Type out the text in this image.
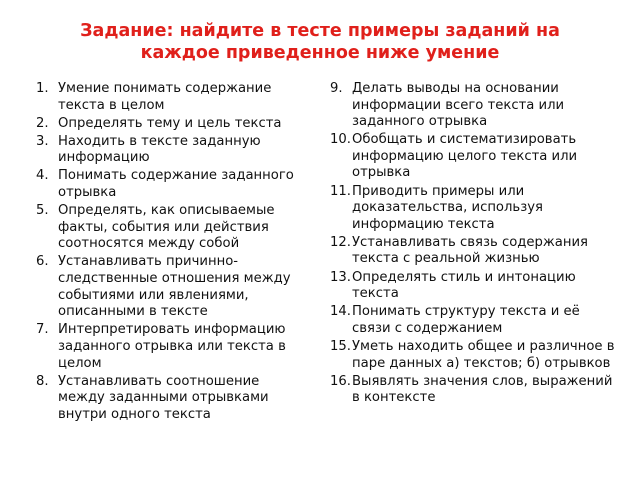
Задание: найдите в тесте примеры заданий на
каждое приведенное ниже умение
1. Умение понимать содержание текста в целом
2. Определять тему и цель текста
3. Находить в тексте заданную информацию
4. Понимать содержание заданного отрывка
5. Определять, как описываемые факты, события или действия соотносятся между собой
6. Устанавливать причинно-следственные отношения между событиями или явлениями, описанными в тексте
7. Интерпретировать информацию заданного отрывка или текста в целом
8. Устанавливать соотношение между заданными отрывками внутри одного текста
9. Делать выводы на основании информации всего текста или заданного отрывка
10. Обобщать и систематизировать информацию целого текста или отрывка
11. Приводить примеры или доказательства, используя информацию текста
12. Устанавливать связь содержания текста с реальной жизнью
13. Определять стиль и интонацию текста
14. Понимать структуру текста и её связи с содержанием
15. Уметь находить общее и различное в паре данных а) текстов; б) отрывков
16. Выявлять значения слов, выражений в контексте
